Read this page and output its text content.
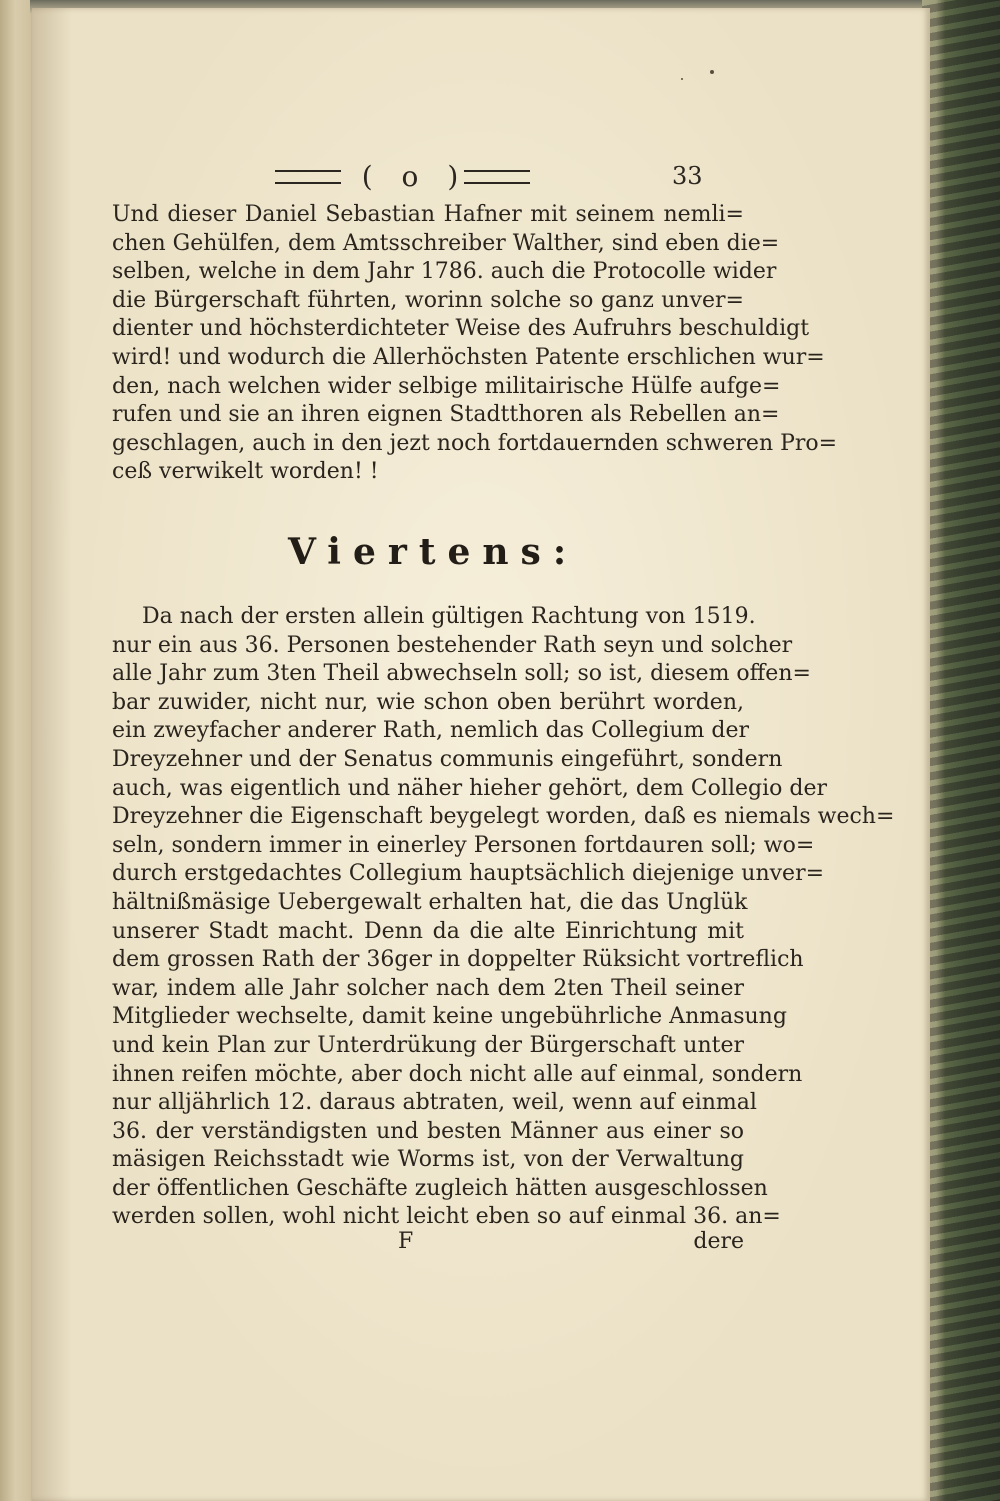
( o )	33
Und dieser Daniel Sebastian Hafner mit seinem nemli=
chen Gehülfen, dem Amtsschreiber Walther, sind eben die=
selben, welche in dem Jahr 1786. auch die Protocolle wider
die Bürgerschaft führten, worinn solche so ganz unver=
dienter und höchsterdichteter Weise des Aufruhrs beschuldigt
wird! und wodurch die Allerhöchsten Patente erschlichen wur=
den, nach welchen wider selbige militairische Hülfe aufge=
rufen und sie an ihren eignen Stadtthoren als Rebellen an=
geschlagen, auch in den jezt noch fortdauernden schweren Pro=
ceß verwikelt worden! !
Viertens:
Da nach der ersten allein gültigen Rachtung von 1519.
nur ein aus 36. Personen bestehender Rath seyn und solcher
alle Jahr zum 3ten Theil abwechseln soll; so ist, diesem offen=
bar zuwider, nicht nur, wie schon oben berührt worden,
ein zweyfacher anderer Rath, nemlich das Collegium der
Dreyzehner und der Senatus communis eingeführt, sondern
auch, was eigentlich und näher hieher gehört, dem Collegio der
Dreyzehner die Eigenschaft beygelegt worden, daß es niemals wech=
seln, sondern immer in einerley Personen fortdauren soll; wo=
durch erstgedachtes Collegium hauptsächlich diejenige unver=
hältnißmäsige Uebergewalt erhalten hat, die das Unglük
unserer Stadt macht. Denn da die alte Einrichtung mit
dem grossen Rath der 36ger in doppelter Rüksicht vortreflich
war, indem alle Jahr solcher nach dem 2ten Theil seiner
Mitglieder wechselte, damit keine ungebührliche Anmasung
und kein Plan zur Unterdrükung der Bürgerschaft unter
ihnen reifen möchte, aber doch nicht alle auf einmal, sondern
nur alljährlich 12. daraus abtraten, weil, wenn auf einmal
36. der verständigsten und besten Männer aus einer so
mäsigen Reichsstadt wie Worms ist, von der Verwaltung
der öffentlichen Geschäfte zugleich hätten ausgeschlossen
werden sollen, wohl nicht leicht eben so auf einmal 36. an=
F	dere
